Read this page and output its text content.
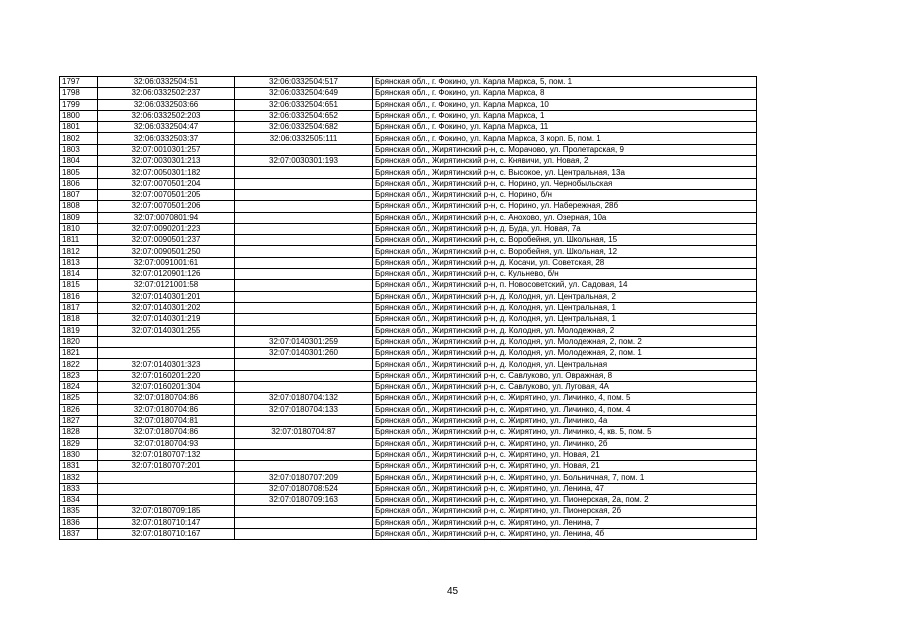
1797	32:06:0332504:51	32:06:0332504:517	Брянская обл., г. Фокино, ул. Карла Маркса, 5, пом. 1
1798	32:06:0332502:237	32:06:0332504:649	Брянская обл., г. Фокино, ул. Карла Маркса, 8
1799	32:06:0332503:66	32:06:0332504:651	Брянская обл., г. Фокино, ул. Карла Маркса, 10
1800	32:06:0332502:203	32:06:0332504:652	Брянская обл., г. Фокино, ул. Карла Маркса, 1
1801	32:06:0332504:47	32:06:0332504:682	Брянская обл., г. Фокино, ул. Карла Маркса, 11
1802	32:06:0332503:37	32:06:0332505:111	Брянская обл., г. Фокино, ул. Карла Маркса, 3 корп. Б, пом. 1
1803	32:07:0010301:257		Брянская обл., Жирятинский р-н, с. Морачово, ул. Пролетарская, 9
1804	32:07:0030301:213	32:07:0030301:193	Брянская обл., Жирятинский р-н, с. Княвичи, ул. Новая, 2
1805	32:07:0050301:182		Брянская обл., Жирятинский р-н, с. Высокое, ул. Центральная, 13а
1806	32:07:0070501:204		Брянская обл., Жирятинский р-н, с. Норино, ул. Чернобыльская
1807	32:07:0070501:205		Брянская обл., Жирятинский р-н, с. Норино, б/н
1808	32:07:0070501:206		Брянская обл., Жирятинский р-н, с. Норино, ул. Набережная, 28б
1809	32:07:0070801:94		Брянская обл., Жирятинский р-н, с. Анохово, ул. Озерная, 10а
1810	32:07:0090201:223		Брянская обл., Жирятинский р-н, д. Буда, ул. Новая, 7а
1811	32:07:0090501:237		Брянская обл., Жирятинский р-н, с. Воробейня, ул. Школьная, 15
1812	32:07:0090501:250		Брянская обл., Жирятинский р-н, с. Воробейня, ул. Школьная, 12
1813	32:07:0091001:61		Брянская обл., Жирятинский р-н, д. Косачи, ул. Советская, 28
1814	32:07:0120901:126		Брянская обл., Жирятинский р-н, с. Кульнево, б/н
1815	32:07:0121001:58		Брянская обл., Жирятинский р-н, п. Новосоветский, ул. Садовая, 14
1816	32:07:0140301:201		Брянская обл., Жирятинский р-н, д. Колодня, ул. Центральная, 2
1817	32:07:0140301:202		Брянская обл., Жирятинский р-н, д. Колодня, ул. Центральная, 1
1818	32:07:0140301:219		Брянская обл., Жирятинский р-н, д. Колодня, ул. Центральная, 1
1819	32:07:0140301:255		Брянская обл., Жирятинский р-н, д. Колодня, ул. Молодежная, 2
1820		32:07:0140301:259	Брянская обл., Жирятинский р-н, д. Колодня, ул. Молодежная, 2, пом. 2
1821		32:07:0140301:260	Брянская обл., Жирятинский р-н, д. Колодня, ул. Молодежная, 2, пом. 1
1822	32:07:0140301:323		Брянская обл., Жирятинский р-н, д. Колодня, ул. Центральная
1823	32:07:0160201:220		Брянская обл., Жирятинский р-н, с. Савлуково, ул. Овражная, 8
1824	32:07:0160201:304		Брянская обл., Жирятинский р-н, с. Савлуково, ул. Луговая, 4А
1825	32:07:0180704:86	32:07:0180704:132	Брянская обл., Жирятинский р-н, с. Жирятино, ул. Личинко, 4, пом. 5
1826	32:07:0180704:86	32:07:0180704:133	Брянская обл., Жирятинский р-н, с. Жирятино, ул. Личинко, 4, пом. 4
1827	32:07:0180704:81		Брянская обл., Жирятинский р-н, с. Жирятино, ул. Личинко, 4а
1828	32:07:0180704:86	32:07:0180704:87	Брянская обл., Жирятинский р-н, с. Жирятино, ул. Личинко, 4, кв. 5, пом. 5
1829	32:07:0180704:93		Брянская обл., Жирятинский р-н, с. Жирятино, ул. Личинко, 2б
1830	32:07:0180707:132		Брянская обл., Жирятинский р-н, с. Жирятино, ул. Новая, 21
1831	32:07:0180707:201		Брянская обл., Жирятинский р-н, с. Жирятино, ул. Новая, 21
1832		32:07:0180707:209	Брянская обл., Жирятинский р-н, с. Жирятино, ул. Больничная, 7, пом. 1
1833		32:07:0180708:524	Брянская обл., Жирятинский р-н, с. Жирятино, ул. Ленина, 47
1834		32:07:0180709:163	Брянская обл., Жирятинский р-н, с. Жирятино, ул. Пионерская, 2а, пом. 2
1835	32:07:0180709:185		Брянская обл., Жирятинский р-н, с. Жирятино, ул. Пионерская, 2б
1836	32:07:0180710:147		Брянская обл., Жирятинский р-н, с. Жирятино, ул. Ленина, 7
1837	32:07:0180710:167		Брянская обл., Жирятинский р-н, с. Жирятино, ул. Ленина, 4б
45
